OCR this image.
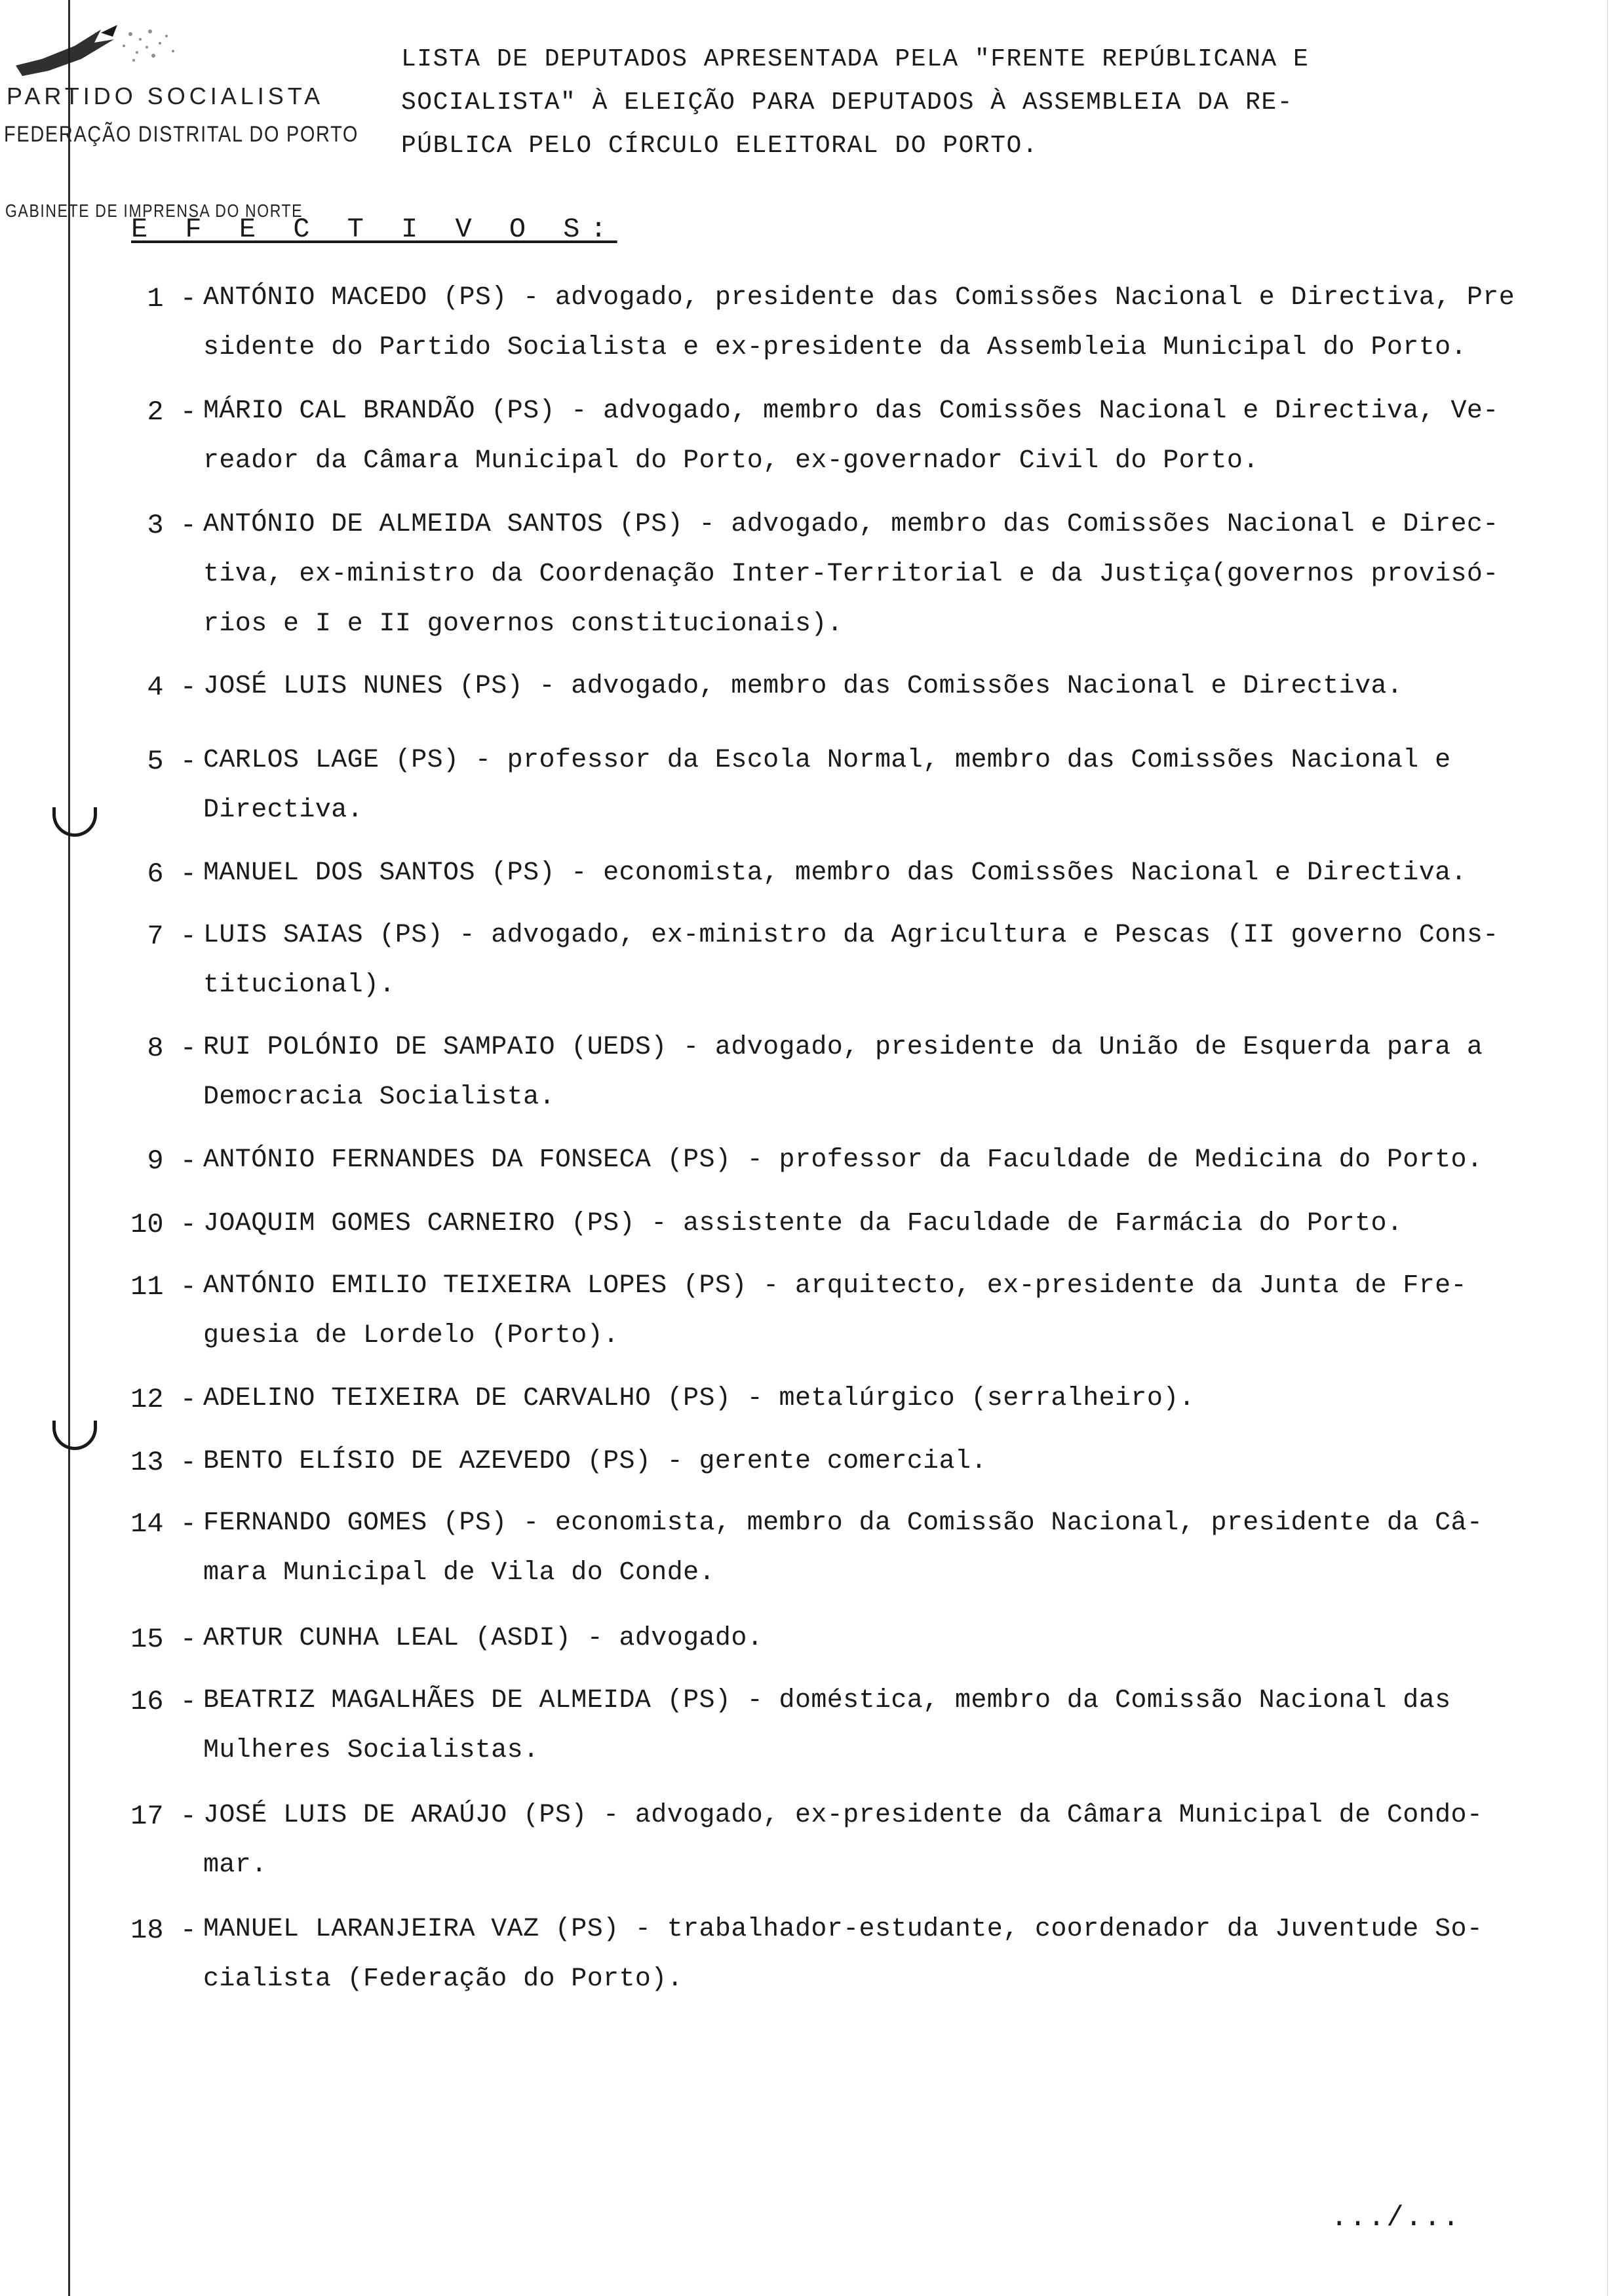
PARTIDO SOCIALISTA
FEDERAÇÃO DISTRITAL DO PORTO
GABINETE DE IMPRENSA DO NORTE
LISTA DE DEPUTADOS APRESENTADA PELA "FRENTE REPÚBLICANA E
SOCIALISTA" À ELEIÇÃO PARA DEPUTADOS À ASSEMBLEIA DA RE-
PÚBLICA PELO CÍRCULO ELEITORAL DO PORTO.
E F E C T I V O S:
1 - ANTÓNIO MACEDO (PS) - advogado, presidente das Comissões Nacional e Directiva, Pre
sidente do Partido Socialista e ex-presidente da Assembleia Municipal do Porto.
2 - MÁRIO CAL BRANDÃO (PS) - advogado, membro das Comissões Nacional e Directiva, Ve-
reador da Câmara Municipal do Porto, ex-governador Civil do Porto.
3 - ANTÓNIO DE ALMEIDA SANTOS (PS) - advogado, membro das Comissões Nacional e Direc-
tiva, ex-ministro da Coordenação Inter-Territorial e da Justiça(governos provisó-
rios e I e II governos constitucionais).
4 - JOSÉ LUIS NUNES (PS) - advogado, membro das Comissões Nacional e Directiva.
5 - CARLOS LAGE (PS) - professor da Escola Normal, membro das Comissões Nacional e
Directiva.
6 - MANUEL DOS SANTOS (PS) - economista, membro das Comissões Nacional e Directiva.
7 - LUIS SAIAS (PS) - advogado, ex-ministro da Agricultura e Pescas (II governo Cons-
titucional).
8 - RUI POLÓNIO DE SAMPAIO (UEDS) - advogado, presidente da União de Esquerda para a
Democracia Socialista.
9 - ANTÓNIO FERNANDES DA FONSECA (PS) - professor da Faculdade de Medicina do Porto.
10 - JOAQUIM GOMES CARNEIRO (PS) - assistente da Faculdade de Farmácia do Porto.
11 - ANTÓNIO EMILIO TEIXEIRA LOPES (PS) - arquitecto, ex-presidente da Junta de Fre-
guesia de Lordelo (Porto).
12 - ADELINO TEIXEIRA DE CARVALHO (PS) - metalúrgico (serralheiro).
13 - BENTO ELÍSIO DE AZEVEDO (PS) - gerente comercial.
14 - FERNANDO GOMES (PS) - economista, membro da Comissão Nacional, presidente da Câ-
mara Municipal de Vila do Conde.
15 - ARTUR CUNHA LEAL (ASDI) - advogado.
16 - BEATRIZ MAGALHÃES DE ALMEIDA (PS) - doméstica, membro da Comissão Nacional das
Mulheres Socialistas.
17 - JOSÉ LUIS DE ARAÚJO (PS) - advogado, ex-presidente da Câmara Municipal de Condo-
mar.
18 - MANUEL LARANJEIRA VAZ (PS) - trabalhador-estudante, coordenador da Juventude So-
cialista (Federação do Porto).
.../...
